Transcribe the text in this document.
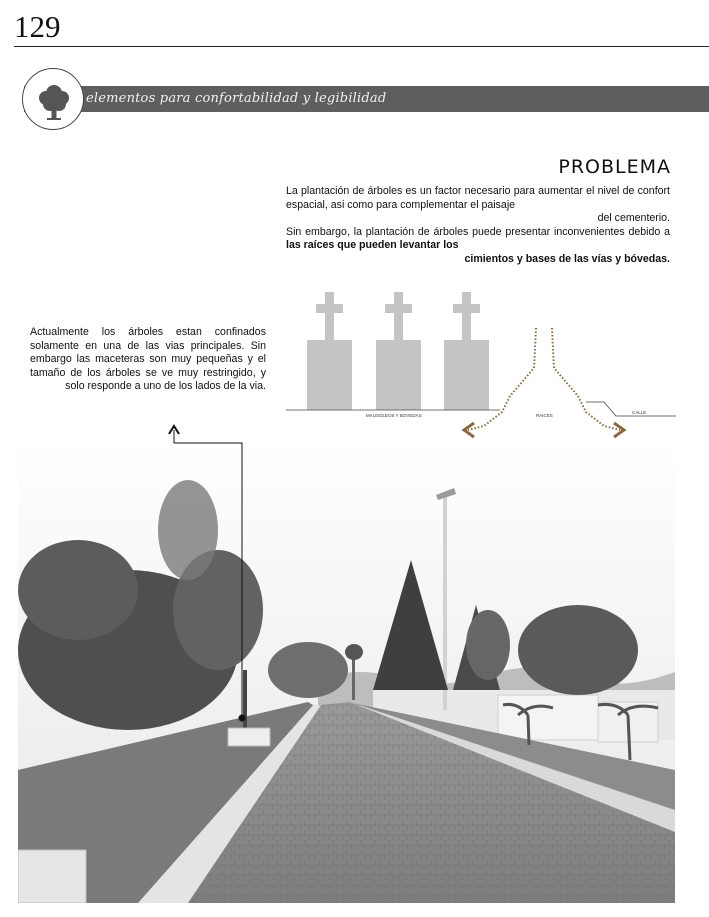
129
elementos para confortabilidad y legibilidad
PROBLEMA

La plantación de árboles es un factor necesario para aumentar el nivel de confort espacial, asi como para complementar el paisaje

del cementerio.

Sin embargo, la plantación de árboles puede presentar inconvenientes debido a las raíces que pueden levantar los

cimientos y bases de las vías y bóvedas.

MAUSOLEOS Y BOVEDAS	RAICES
CALLE

Actualmente los árboles estan confinados solamente en una de las vias principales. Sin embargo las maceteras son muy pequeñas y el tamaño de los árboles se ve muy restringido, y solo responde a uno de los lados de la via.
